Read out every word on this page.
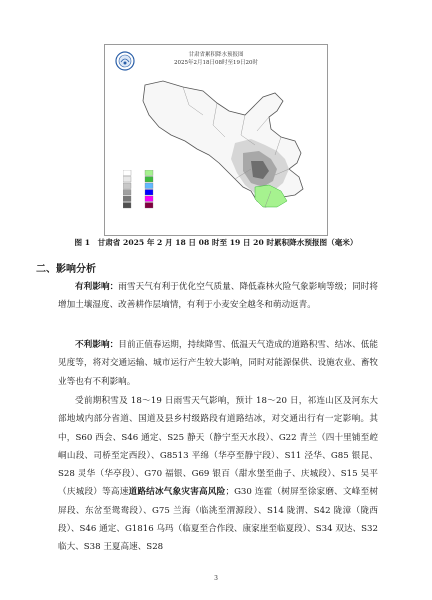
甘肃省累积降水预报图
2025年2月18日08时至19日20时
图 1　甘肃省 2025 年 2 月 18 日 08 时至 19 日 20 时累积降水预报图（毫米）
二、影响分析

有利影响：雨雪天气有利于优化空气质量、降低森林火险气象影响等级；同时将增加土壤湿度、改善耕作层墒情，有利于小麦安全越冬和萌动返青。

不利影响：目前正值春运期，持续降雪、低温天气造成的道路积雪、结冰、低能见度等，将对交通运输、城市运行产生较大影响，同时对能源保供、设施农业、畜牧业等也有不利影响。

受前期积雪及 18～19 日雨雪天气影响，预计 18～20 日，祁连山区及河东大部地域内部分省道、国道及县乡村级路段有道路结冰，对交通出行有一定影响。其中，S60 西会、S46 通定、S25 静天（静宁至天水段）、G22 青兰（四十里铺至崆峒山段、司桥至定西段）、G8513 平绵（华亭至静宁段）、S11 泾华、G85 银昆、S28 灵华（华亭段）、G70 福银、G69 银百（甜水堡至曲子、庆城段）、S15 吴平（庆城段）等高速道路结冰气象灾害高风险；G30 连霍（树屏至徐家磨、文峰至树屏段、东岔至鸳鸯段）、G75 兰海（临洮至渭源段）、S14 陇渭、S42 陇漳（陇西段）、S46 通定、G1816 乌玛（临夏至合作段、康家崖至临夏段）、S34 双达、S32 临大、S38 王夏高速、S28

3
